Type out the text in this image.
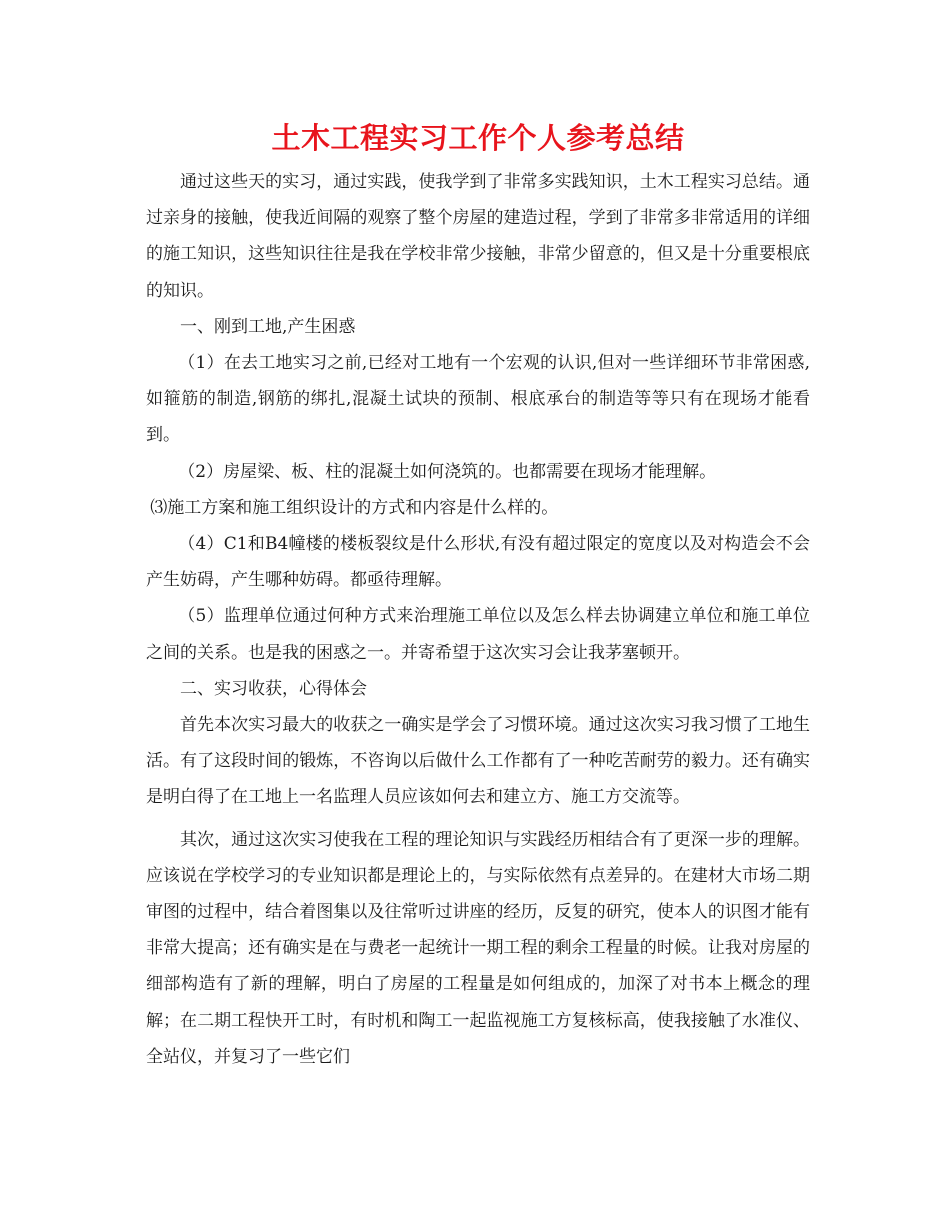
土木工程实习工作个人参考总结

通过这些天的实习，通过实践，使我学到了非常多实践知识，土木工程实习总结。通过亲身的接触，使我近间隔的观察了整个房屋的建造过程，学到了非常多非常适用的详细的施工知识，这些知识往往是我在学校非常少接触，非常少留意的，但又是十分重要根底的知识。

一、刚到工地,产生困惑

（1）在去工地实习之前,已经对工地有一个宏观的认识,但对一些详细环节非常困惑,如箍筋的制造,钢筋的绑扎,混凝土试块的预制、根底承台的制造等等只有在现场才能看到。

（2）房屋梁、板、柱的混凝土如何浇筑的。也都需要在现场才能理解。

⑶施工方案和施工组织设计的方式和内容是什么样的。

（4）C1和B4幢楼的楼板裂纹是什么形状,有没有超过限定的宽度以及对构造会不会产生妨碍，产生哪种妨碍。都亟待理解。

（5）监理单位通过何种方式来治理施工单位以及怎么样去协调建立单位和施工单位之间的关系。也是我的困惑之一。并寄希望于这次实习会让我茅塞顿开。

二、实习收获，心得体会

首先本次实习最大的收获之一确实是学会了习惯环境。通过这次实习我习惯了工地生活。有了这段时间的锻炼，不咨询以后做什么工作都有了一种吃苦耐劳的毅力。还有确实是明白得了在工地上一名监理人员应该如何去和建立方、施工方交流等。

其次，通过这次实习使我在工程的理论知识与实践经历相结合有了更深一步的理解。应该说在学校学习的专业知识都是理论上的，与实际依然有点差异的。在建材大市场二期审图的过程中，结合着图集以及往常听过讲座的经历，反复的研究，使本人的识图才能有非常大提高；还有确实是在与费老一起统计一期工程的剩余工程量的时候。让我对房屋的细部构造有了新的理解，明白了房屋的工程量是如何组成的，加深了对书本上概念的理解；在二期工程快开工时，有时机和陶工一起监视施工方复核标高，使我接触了水准仪、全站仪，并复习了一些它们
